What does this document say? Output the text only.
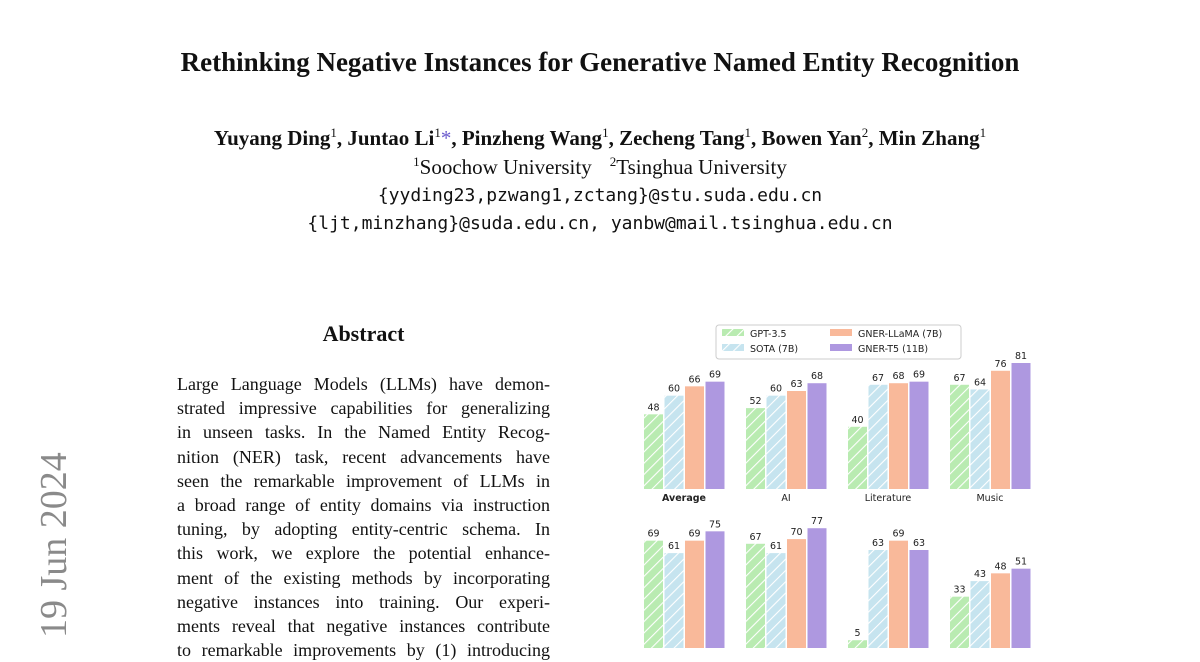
Rethinking Negative Instances for Generative Named Entity Recognition
Yuyang Ding$^1$, Juntao Li$^1$*, Pinzheng Wang$^1$, Zecheng Tang$^1$, Bowen Yan$^2$, Min Zhang$^1$
$^1$Soochow University $^2$Tsinghua University
{yyding23,pzwang1,zctang}@stu.suda.edu.cn
{ljt,minzhang}@suda.edu.cn, yanbw@mail.tsinghua.edu.cn
19 Jun 2024
Abstract
Large Language Models (LLMs) have demon-
strated impressive capabilities for generalizing
in unseen tasks. In the Named Entity Recog-
nition (NER) task, recent advancements have
seen the remarkable improvement of LLMs in
a broad range of entity domains via instruction
tuning, by adopting entity-centric schema. In
this work, we explore the potential enhance-
ment of the existing methods by incorporating
negative instances into training. Our experi-
ments reveal that negative instances contribute
to remarkable improvements by (1) introducing
GPT-3.5
SOTA (7B)
GNER-LLaMA (7B)
GNER-T5 (11B)
48
60
66 69
Average
52
60 63
68
AI
40
67 68 69
Literature
67 64
76
81
Music
69
61
69
75
67
61
70
77
5
63
69
63
33
43
48 51
